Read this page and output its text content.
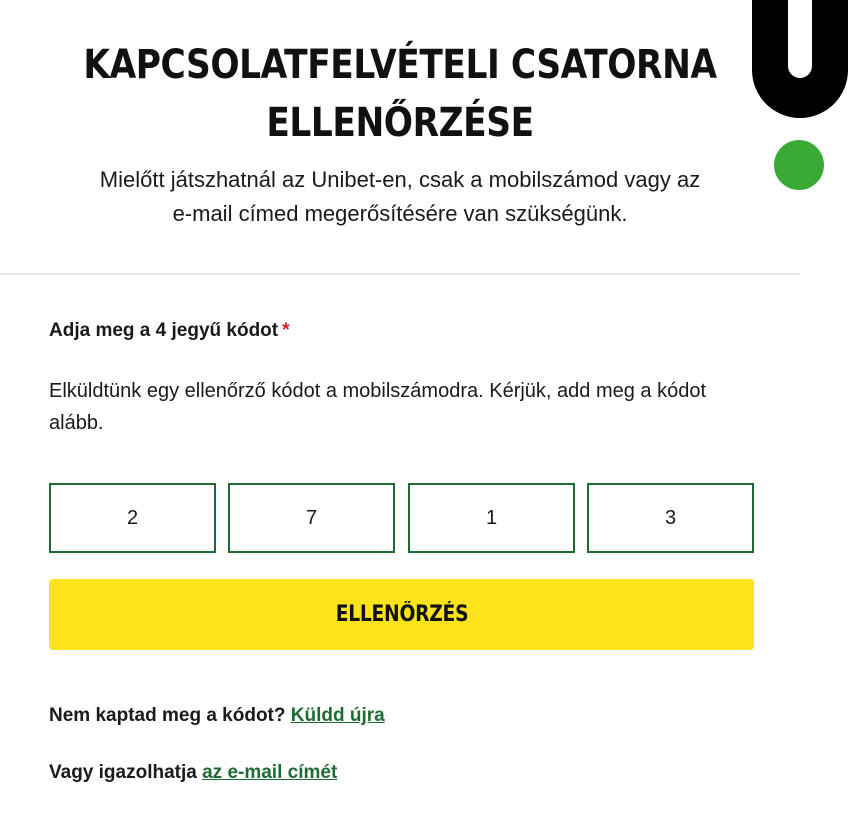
KAPCSOLATFELVÉTELI CSATORNA
ELLENŐRZÉSE
Mielőtt játszhatnál az Unibet-en, csak a mobilszámod vagy az
e-mail címed megerősítésére van szükségünk.
Adja meg a 4 jegyű kódot *
Elküldtünk egy ellenőrző kódot a mobilszámodra. Kérjük, add meg a kódot alább.
2
7
1
3
ELLENŐRZÉS
Nem kaptad meg a kódot? Küldd újra
Vagy igazolhatja az e-mail címét
